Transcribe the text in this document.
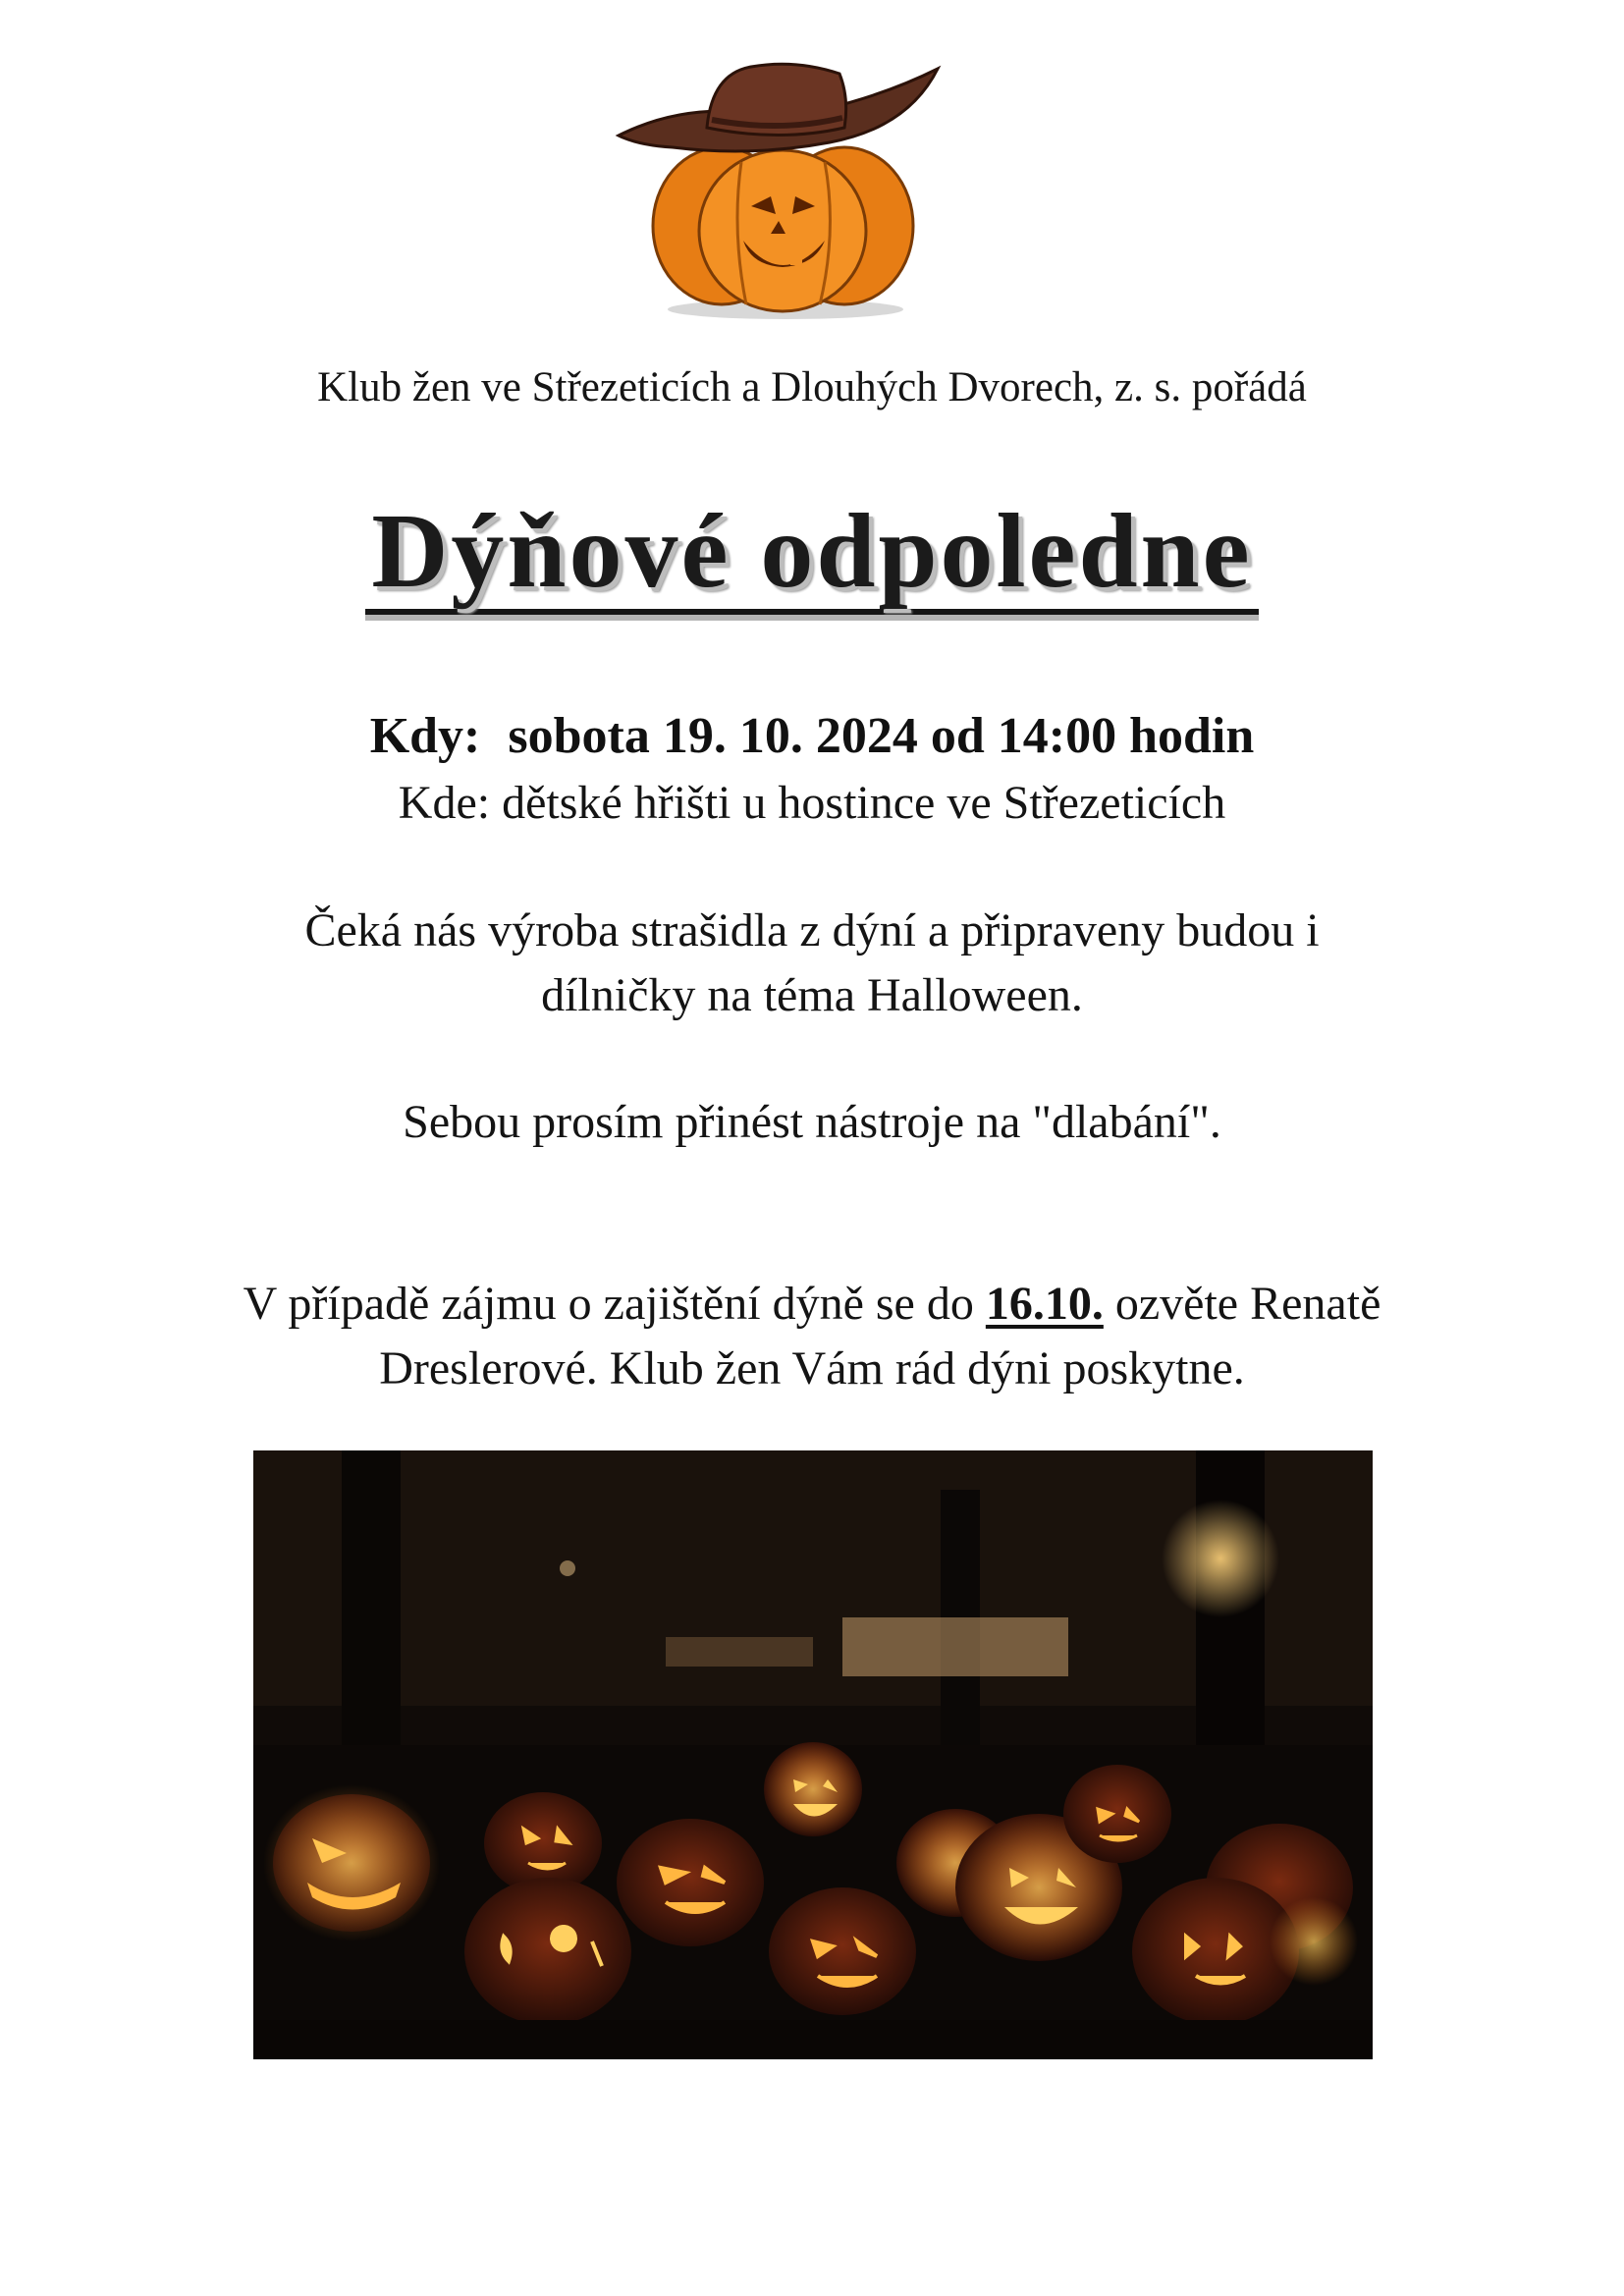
Klub žen ve Střezeticích a Dlouhých Dvorech, z. s. pořádá
Dýňové odpoledne
Kdy: sobota 19. 10. 2024 od 14:00 hodin
Kde: dětské hřišti u hostince ve Střezeticích
Čeká nás výroba strašidla z dýní a připraveny budou i
dílničky na téma Halloween.
Sebou prosím přinést nástroje na "dlabání".
V případě zájmu o zajištění dýně se do 16.10. ozvěte Renatě
Dreslerové. Klub žen Vám rád dýni poskytne.
